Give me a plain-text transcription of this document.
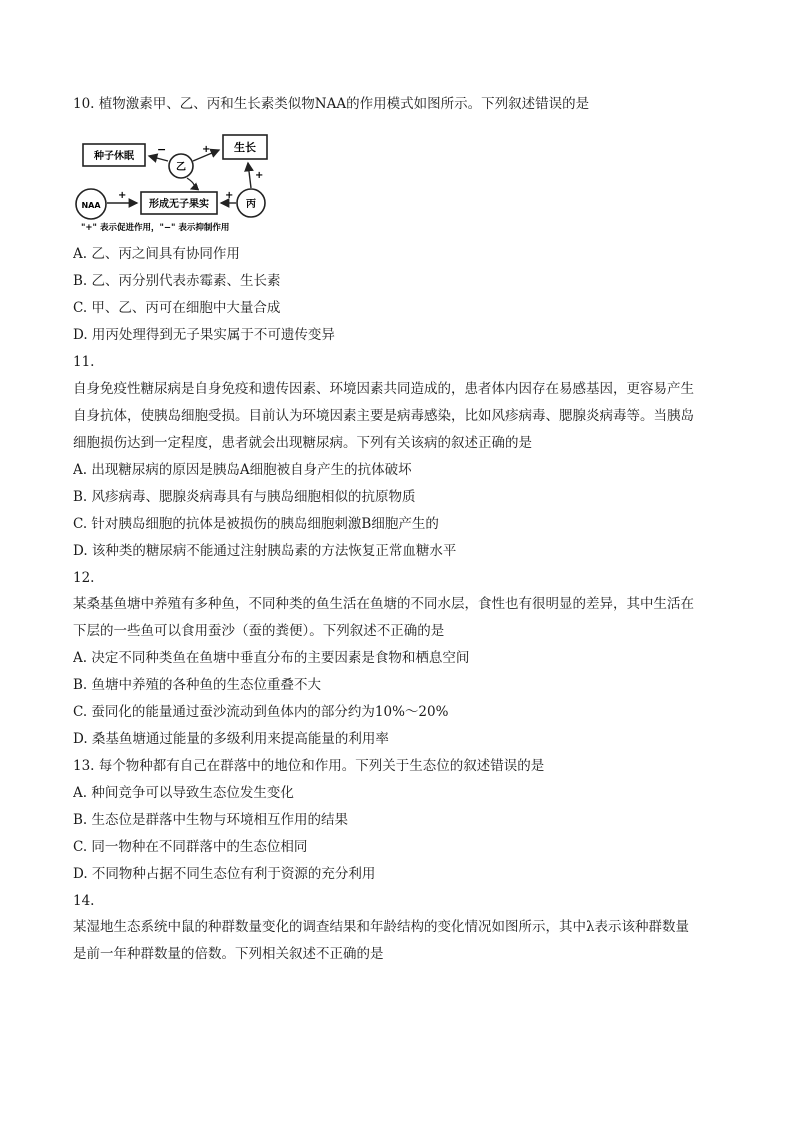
10. 植物激素甲、乙、丙和生长素类似物NAA的作用模式如图所示。下列叙述错误的是
种子休眠
生长
形成无子果实
乙
NAA	丙
−	+
+	+
+
"+" 表示促进作用，"−" 表示抑制作用
A. 乙、丙之间具有协同作用
B. 乙、丙分别代表赤霉素、生长素
C. 甲、乙、丙可在细胞中大量合成
D. 用丙处理得到无子果实属于不可遗传变异
11.
自身免疫性糖尿病是自身免疫和遗传因素、环境因素共同造成的，患者体内因存在易感基因，更容易产生
自身抗体，使胰岛细胞受损。目前认为环境因素主要是病毒感染，比如风疹病毒、腮腺炎病毒等。当胰岛
细胞损伤达到一定程度，患者就会出现糖尿病。下列有关该病的叙述正确的是
A. 出现糖尿病的原因是胰岛A细胞被自身产生的抗体破坏
B. 风疹病毒、腮腺炎病毒具有与胰岛细胞相似的抗原物质
C. 针对胰岛细胞的抗体是被损伤的胰岛细胞刺激B细胞产生的
D. 该种类的糖尿病不能通过注射胰岛素的方法恢复正常血糖水平
12.
某桑基鱼塘中养殖有多种鱼，不同种类的鱼生活在鱼塘的不同水层，食性也有很明显的差异，其中生活在
下层的一些鱼可以食用蚕沙（蚕的粪便）。下列叙述不正确的是
A. 决定不同种类鱼在鱼塘中垂直分布的主要因素是食物和栖息空间
B. 鱼塘中养殖的各种鱼的生态位重叠不大
C. 蚕同化的能量通过蚕沙流动到鱼体内的部分约为10%～20%
D. 桑基鱼塘通过能量的多级利用来提高能量的利用率
13. 每个物种都有自己在群落中的地位和作用。下列关于生态位的叙述错误的是
A. 种间竞争可以导致生态位发生变化
B. 生态位是群落中生物与环境相互作用的结果
C. 同一物种在不同群落中的生态位相同
D. 不同物种占据不同生态位有利于资源的充分利用
14.
某湿地生态系统中鼠的种群数量变化的调查结果和年龄结构的变化情况如图所示，其中λ表示该种群数量
是前一年种群数量的倍数。下列相关叙述不正确的是
